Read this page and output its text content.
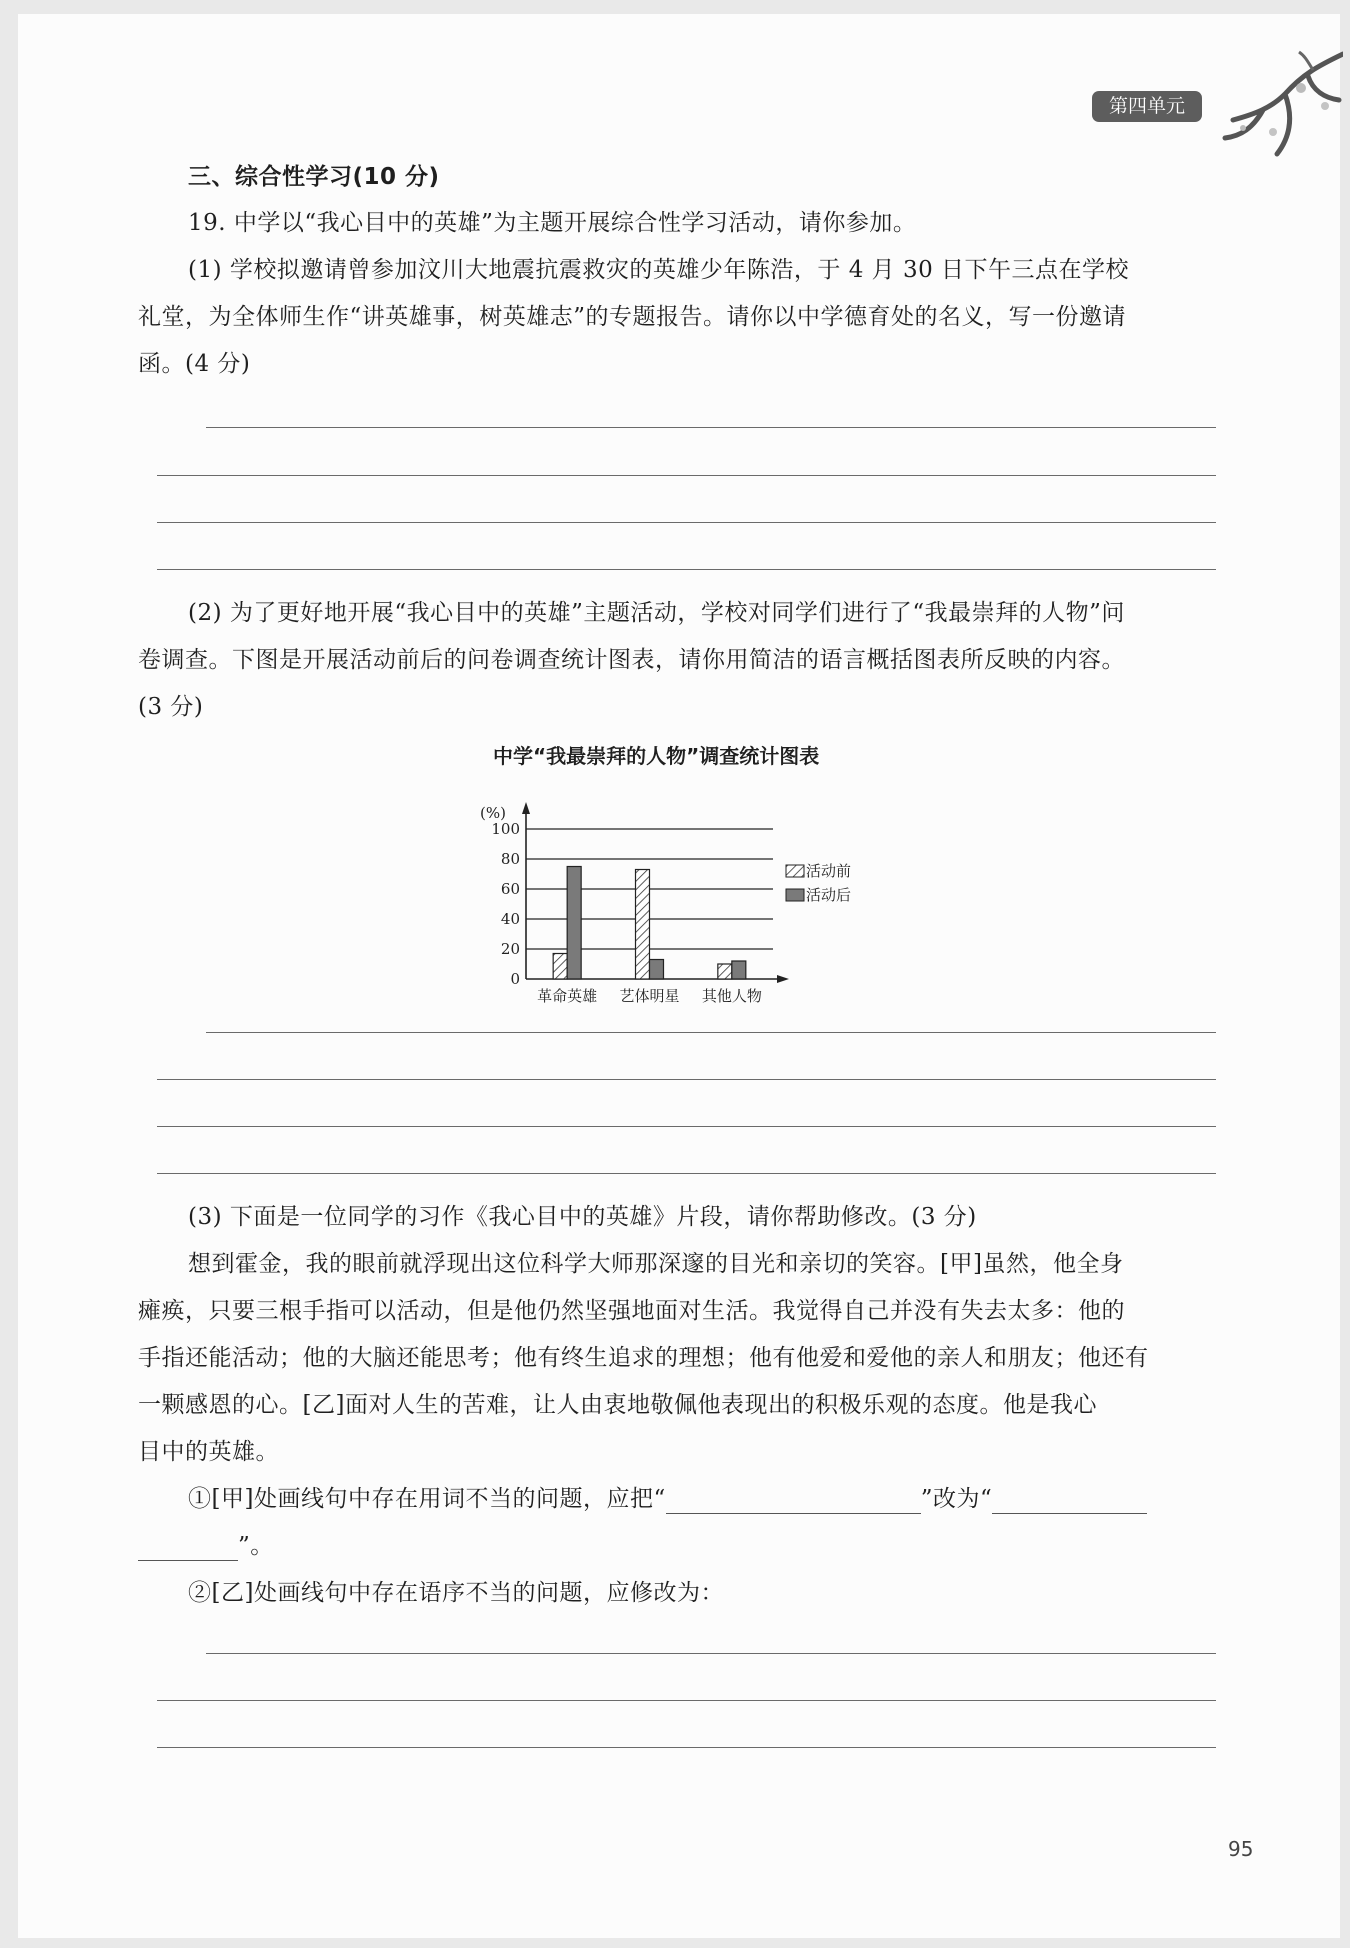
第四单元
三、综合性学习(10 分)
19. 中学以“我心目中的英雄”为主题开展综合性学习活动，请你参加。
(1) 学校拟邀请曾参加汶川大地震抗震救灾的英雄少年陈浩，于 4 月 30 日下午三点在学校
礼堂，为全体师生作“讲英雄事，树英雄志”的专题报告。请你以中学德育处的名义，写一份邀请
函。(4 分)
(2) 为了更好地开展“我心目中的英雄”主题活动，学校对同学们进行了“我最崇拜的人物”问
卷调查。下图是开展活动前后的问卷调查统计图表，请你用简洁的语言概括图表所反映的内容。
(3 分)
中学“我最崇拜的人物”调查统计图表
(%)
0
20
40
60
80
100
革命英雄 艺体明星 其他人物
活动前
活动后
(3) 下面是一位同学的习作《我心目中的英雄》片段，请你帮助修改。(3 分)
想到霍金，我的眼前就浮现出这位科学大师那深邃的目光和亲切的笑容。[甲]虽然，他全身
瘫痪，只要三根手指可以活动，但是他仍然坚强地面对生活。我觉得自己并没有失去太多：他的
手指还能活动；他的大脑还能思考；他有终生追求的理想；他有他爱和爱他的亲人和朋友；他还有
一颗感恩的心。[乙]面对人生的苦难，让人由衷地敬佩他表现出的积极乐观的态度。他是我心
目中的英雄。
①[甲]处画线句中存在用词不当的问题，应把“	”改为“
”。
②[乙]处画线句中存在语序不当的问题，应修改为：
95
